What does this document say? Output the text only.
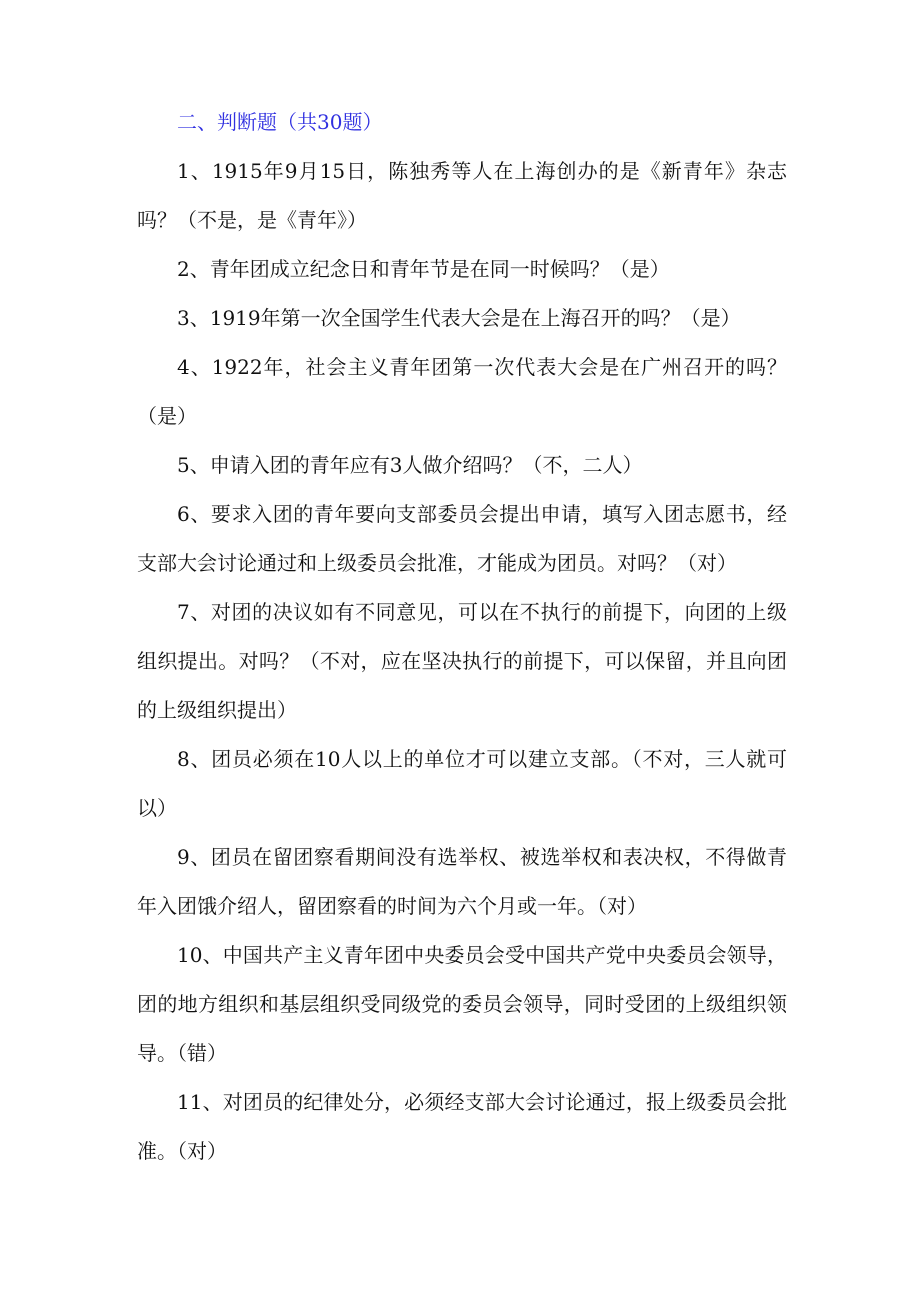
二、判断题（共30题）

1、1915年9月15日，陈独秀等人在上海创办的是《新青年》杂志吗？（不是，是《青年》）

2、青年团成立纪念日和青年节是在同一时候吗？（是）

3、1919年第一次全国学生代表大会是在上海召开的吗？（是）

4、1922年，社会主义青年团第一次代表大会是在广州召开的吗？（是）

5、申请入团的青年应有3人做介绍吗？（不，二人）

6、要求入团的青年要向支部委员会提出申请，填写入团志愿书，经支部大会讨论通过和上级委员会批准，才能成为团员。对吗？（对）

7、对团的决议如有不同意见，可以在不执行的前提下，向团的上级组织提出。对吗？（不对，应在坚决执行的前提下，可以保留，并且向团的上级组织提出）

8、团员必须在10人以上的单位才可以建立支部。（不对，三人就可以）

9、团员在留团察看期间没有选举权、被选举权和表决权，不得做青年入团饿介绍人，留团察看的时间为六个月或一年。（对）

10、中国共产主义青年团中央委员会受中国共产党中央委员会领导，团的地方组织和基层组织受同级党的委员会领导，同时受团的上级组织领导。（错）

11、对团员的纪律处分，必须经支部大会讨论通过，报上级委员会批准。（对）
